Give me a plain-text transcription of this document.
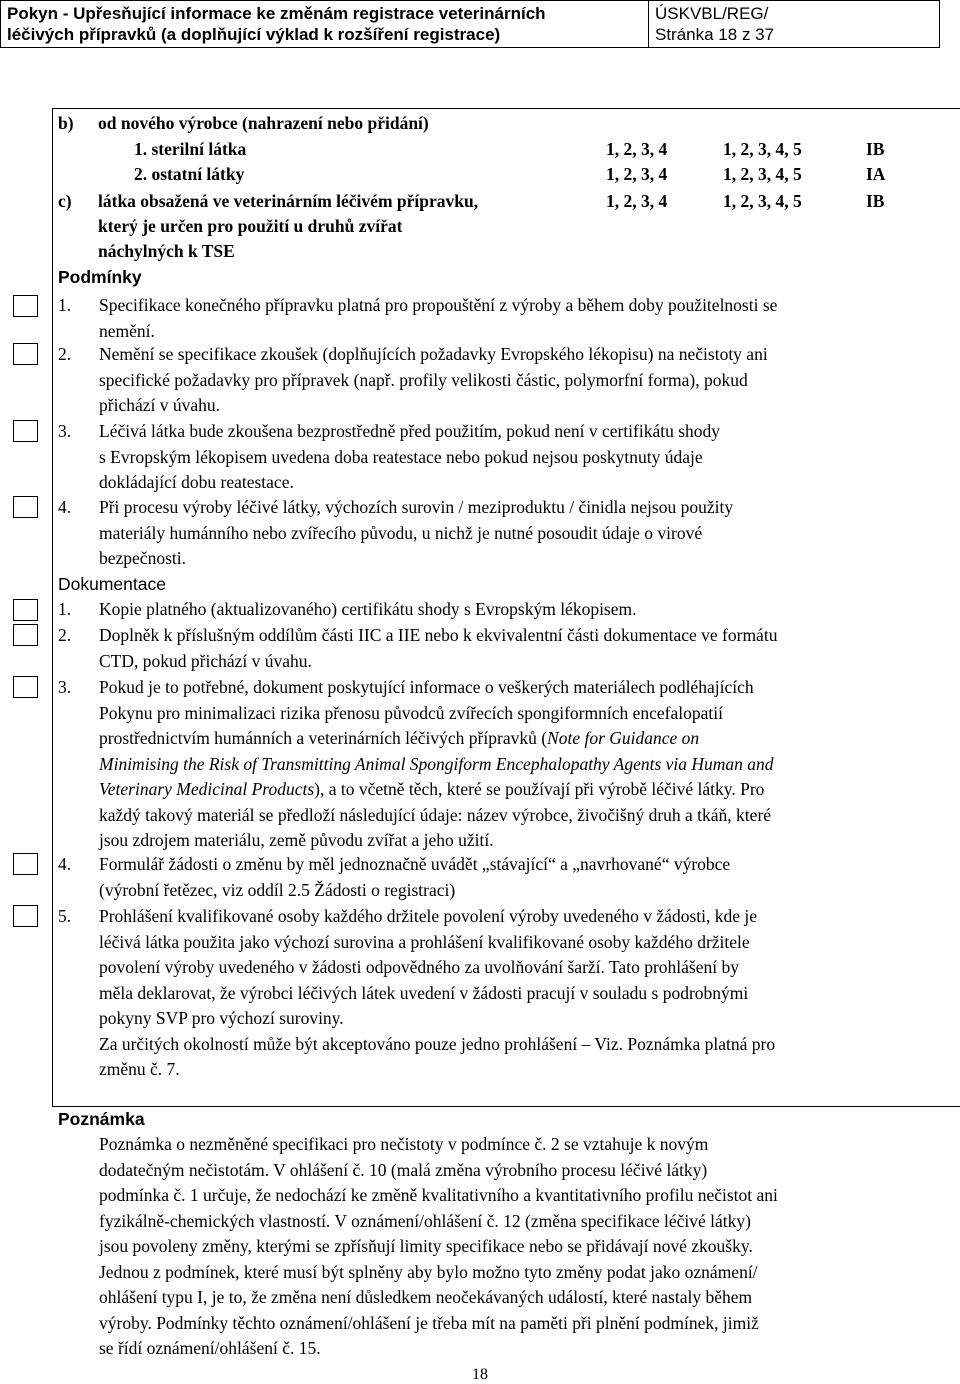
Pokyn - Upřesňující informace ke změnám registrace veterinárních
léčivých přípravků (a doplňující výklad k rozšíření registrace)
ÚSKVBL/REG/
Stránka 18 z 37
b) od nového výrobce (nahrazení nebo přidání)
1. sterilní látka	1, 2, 3, 4	1, 2, 3, 4, 5	IB
2. ostatní látky	1, 2, 3, 4	1, 2, 3, 4, 5	IA
c) látka obsažená ve veterinárním léčivém přípravku,
který je určen pro použití u druhů zvířat
náchylných k TSE
1, 2, 3, 4	1, 2, 3, 4, 5	IB
Podmínky
1. Specifikace konečného přípravku platná pro propouštění z výroby a během doby použitelnosti se
nemění.
2. Nemění se specifikace zkoušek (doplňujících požadavky Evropského lékopisu) na nečistoty ani
specifické požadavky pro přípravek (např. profily velikosti částic, polymorfní forma), pokud
přichází v úvahu.
3. Léčivá látka bude zkoušena bezprostředně před použitím, pokud není v certifikátu shody
s Evropským lékopisem uvedena doba reatestace nebo pokud nejsou poskytnuty údaje
dokládající dobu reatestace.
4. Při procesu výroby léčivé látky, výchozích surovin / meziproduktu / činidla nejsou použity
materiály humánního nebo zvířecího původu, u nichž je nutné posoudit údaje o virové
bezpečnosti.
Dokumentace
1. Kopie platného (aktualizovaného) certifikátu shody s Evropským lékopisem.
2. Doplněk k příslušným oddílům části IIC a IIE nebo k ekvivalentní části dokumentace ve formátu
CTD, pokud přichází v úvahu.
3. Pokud je to potřebné, dokument poskytující informace o veškerých materiálech podléhajících
Pokynu pro minimalizaci rizika přenosu původců zvířecích spongiformních encefalopatií
prostřednictvím humánních a veterinárních léčivých přípravků (Note for Guidance on
Minimising the Risk of Transmitting Animal Spongiform Encephalopathy Agents via Human and
Veterinary Medicinal Products), a to včetně těch, které se používají při výrobě léčivé látky. Pro
každý takový materiál se předloží následující údaje: název výrobce, živočišný druh a tkáň, které
jsou zdrojem materiálu, země původu zvířat a jeho užití.
4. Formulář žádosti o změnu by měl jednoznačně uvádět „stávající“ a „navrhované“ výrobce
(výrobní řetězec, viz oddíl 2.5 Žádosti o registraci)
5. Prohlášení kvalifikované osoby každého držitele povolení výroby uvedeného v žádosti, kde je
léčivá látka použita jako výchozí surovina a prohlášení kvalifikované osoby každého držitele
povolení výroby uvedeného v žádosti odpovědného za uvolňování šarží. Tato prohlášení by
měla deklarovat, že výrobci léčivých látek uvedení v žádosti pracují v souladu s podrobnými
pokyny SVP pro výchozí suroviny.
Za určitých okolností může být akceptováno pouze jedno prohlášení – Viz. Poznámka platná pro
změnu č. 7.
Poznámka
Poznámka o nezměněné specifikaci pro nečistoty v podmínce č. 2 se vztahuje k novým
dodatečným nečistotám. V ohlášení č. 10 (malá změna výrobního procesu léčivé látky)
podmínka č. 1 určuje, že nedochází ke změně kvalitativního a kvantitativního profilu nečistot ani
fyzikálně-chemických vlastností. V oznámení/ohlášení č. 12 (změna specifikace léčivé látky)
jsou povoleny změny, kterými se zpřísňují limity specifikace nebo se přidávají nové zkoušky.
Jednou z podmínek, které musí být splněny aby bylo možno tyto změny podat jako oznámení/
ohlášení typu I, je to, že změna není důsledkem neočekávaných událostí, které nastaly během
výroby. Podmínky těchto oznámení/ohlášení je třeba mít na paměti při plnění podmínek, jimiž
se řídí oznámení/ohlášení č. 15.
18
